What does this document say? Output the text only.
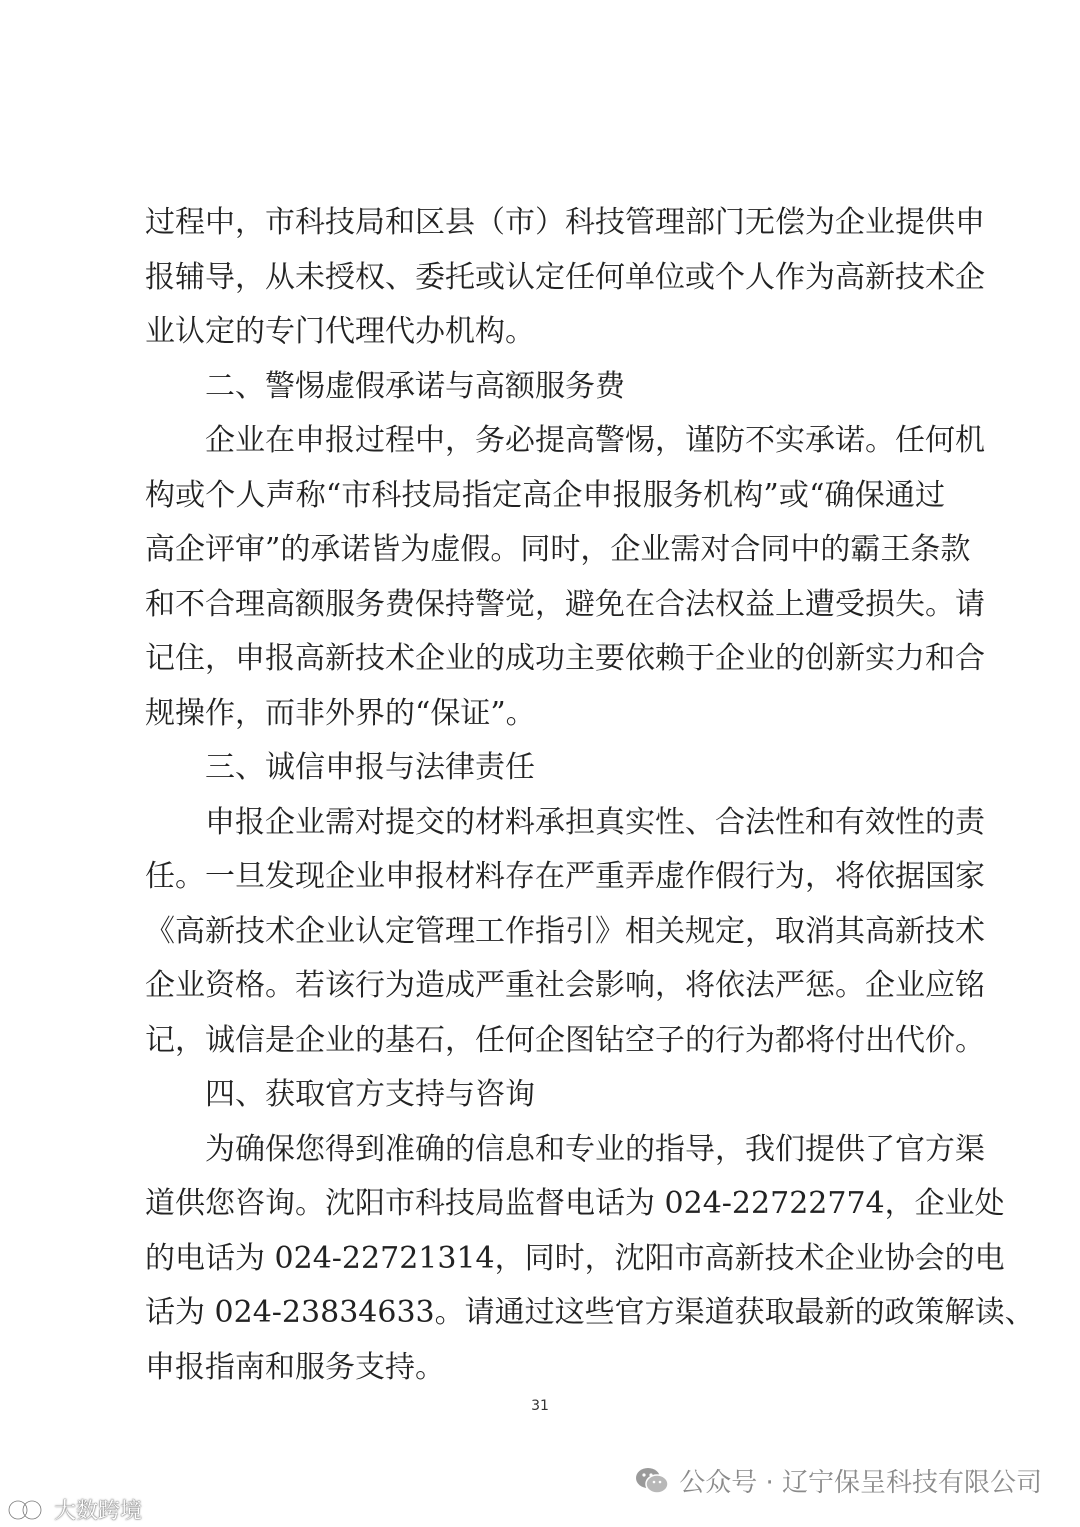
过程中，市科技局和区县（市）科技管理部门无偿为企业提供申
报辅导，从未授权、委托或认定任何单位或个人作为高新技术企
业认定的专门代理代办机构。
二、警惕虚假承诺与高额服务费
企业在申报过程中，务必提高警惕，谨防不实承诺。任何机
构或个人声称“市科技局指定高企申报服务机构”或“确保通过
高企评审”的承诺皆为虚假。同时，企业需对合同中的霸王条款
和不合理高额服务费保持警觉，避免在合法权益上遭受损失。请
记住，申报高新技术企业的成功主要依赖于企业的创新实力和合
规操作，而非外界的“保证”。
三、诚信申报与法律责任
申报企业需对提交的材料承担真实性、合法性和有效性的责
任。一旦发现企业申报材料存在严重弄虚作假行为，将依据国家
《高新技术企业认定管理工作指引》相关规定，取消其高新技术
企业资格。若该行为造成严重社会影响，将依法严惩。企业应铭
记，诚信是企业的基石，任何企图钻空子的行为都将付出代价。
四、获取官方支持与咨询
为确保您得到准确的信息和专业的指导，我们提供了官方渠
道供您咨询。沈阳市科技局监督电话为 024-22722774，企业处
的电话为 024-22721314，同时，沈阳市高新技术企业协会的电
话为 024-23834633。请通过这些官方渠道获取最新的政策解读、
申报指南和服务支持。
31
公众号 · 辽宁保呈科技有限公司
大数跨境
